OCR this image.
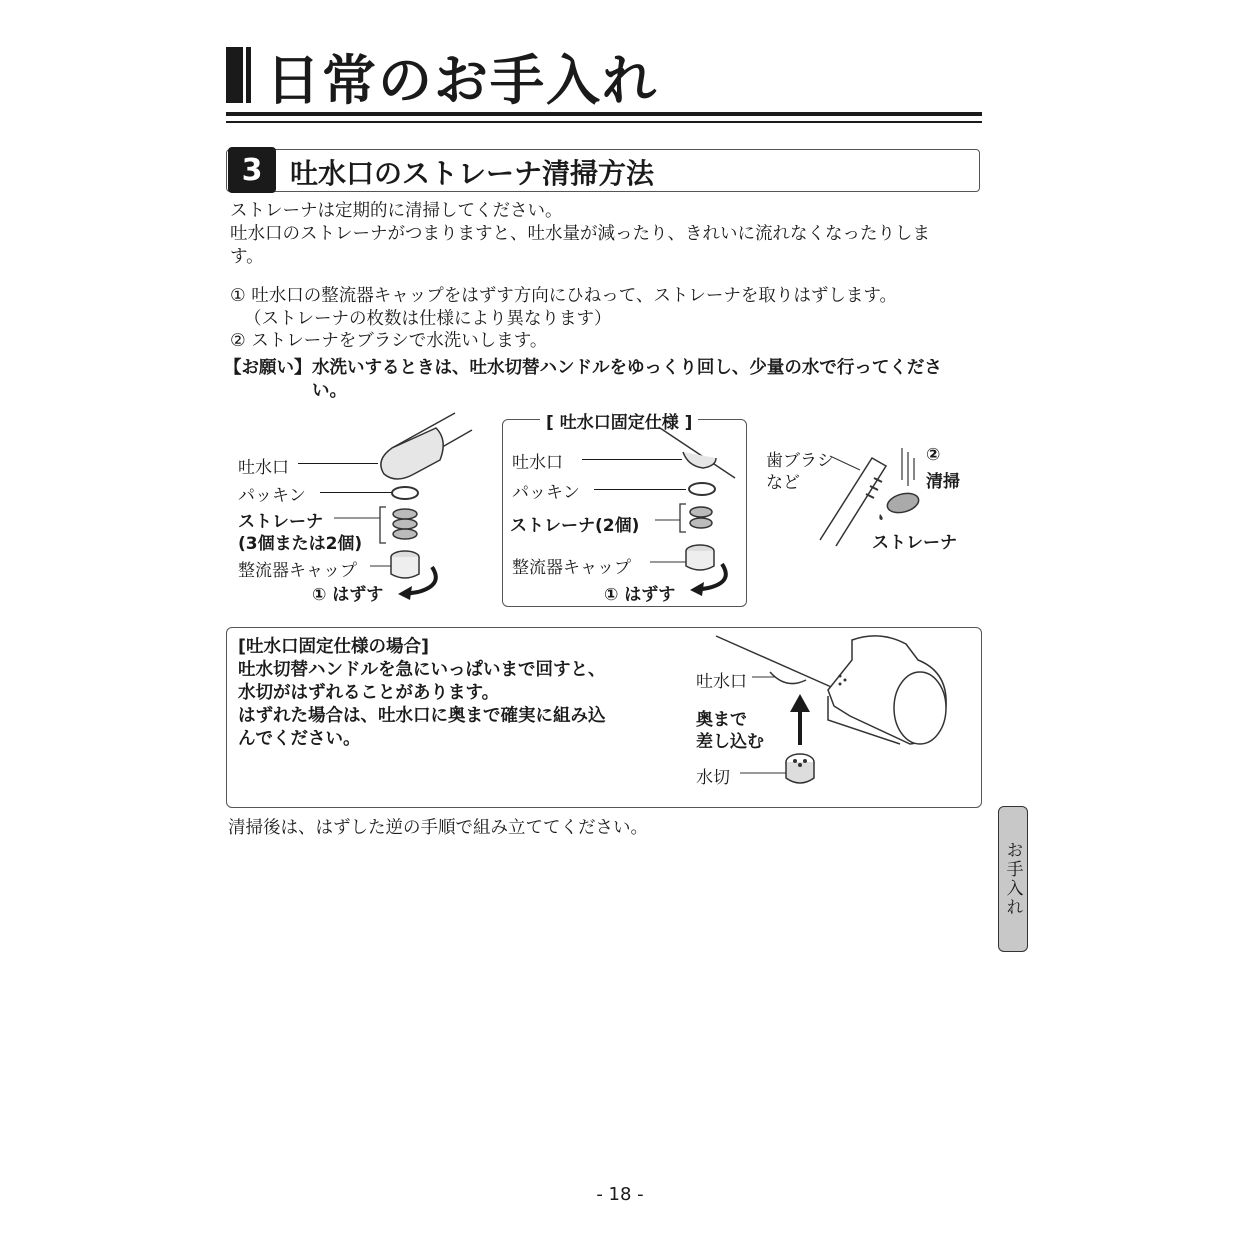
日常のお手入れ
3 吐水口のストレーナ清掃方法
ストレーナは定期的に清掃してください。
吐水口のストレーナがつまりますと、吐水量が減ったり、きれいに流れなくなったりしま
す。
① 吐水口の整流器キャップをはずす方向にひねって、ストレーナを取りはずします。
（ストレーナの枚数は仕様により異なります）
② ストレーナをブラシで水洗いします。
【お願い】 水洗いするときは、吐水切替ハンドルをゆっくり回し、少量の水で行ってくださ
い。
吐水口
パッキン
ストレーナ
(3個または2個)
整流器キャップ
① はずす
[ 吐水口固定仕様 ]
吐水口
パッキン
ストレーナ(2個)
整流器キャップ
① はずす
歯ブラシ
など
②
清掃
ストレーナ
[吐水口固定仕様の場合]
吐水切替ハンドルを急にいっぱいまで回すと、
水切がはずれることがあります。
はずれた場合は、吐水口に奥まで確実に組み込
んでください。
吐水口
奥まで
差し込む
水切
清掃後は、はずした逆の手順で組み立ててください。
お手入れ
- 18 -
